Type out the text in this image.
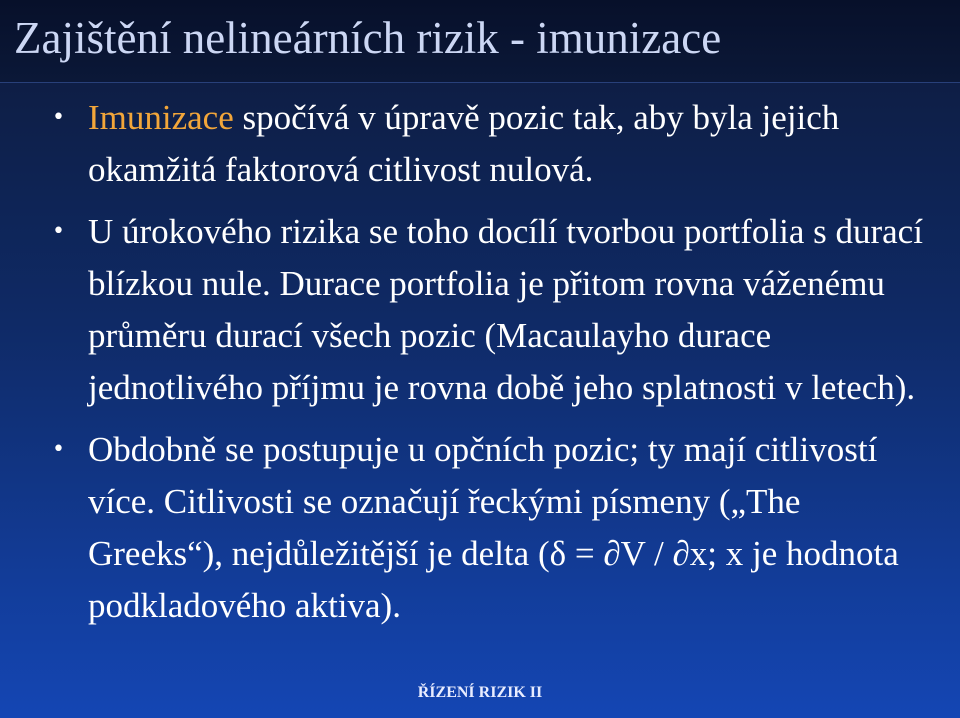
Zajištění nelineárních rizik - imunizace
• Imunizace spočívá v úpravě pozic tak, aby byla jejich okamžitá faktorová citlivost nulová.
• U úrokového rizika se toho docílí tvorbou portfolia s durací blízkou nule. Durace portfolia je přitom rovna váženému průměru durací všech pozic (Macaulayho durace jednotlivého příjmu je rovna době jeho splatnosti v letech).
• Obdobně se postupuje u opčních pozic; ty mají citlivostí více. Citlivosti se označují řeckými písmeny („The Greeks“), nejdůležitější je delta (δ = ∂V / ∂x; x je hodnota podkladového aktiva).
ŘÍZENÍ RIZIK II
